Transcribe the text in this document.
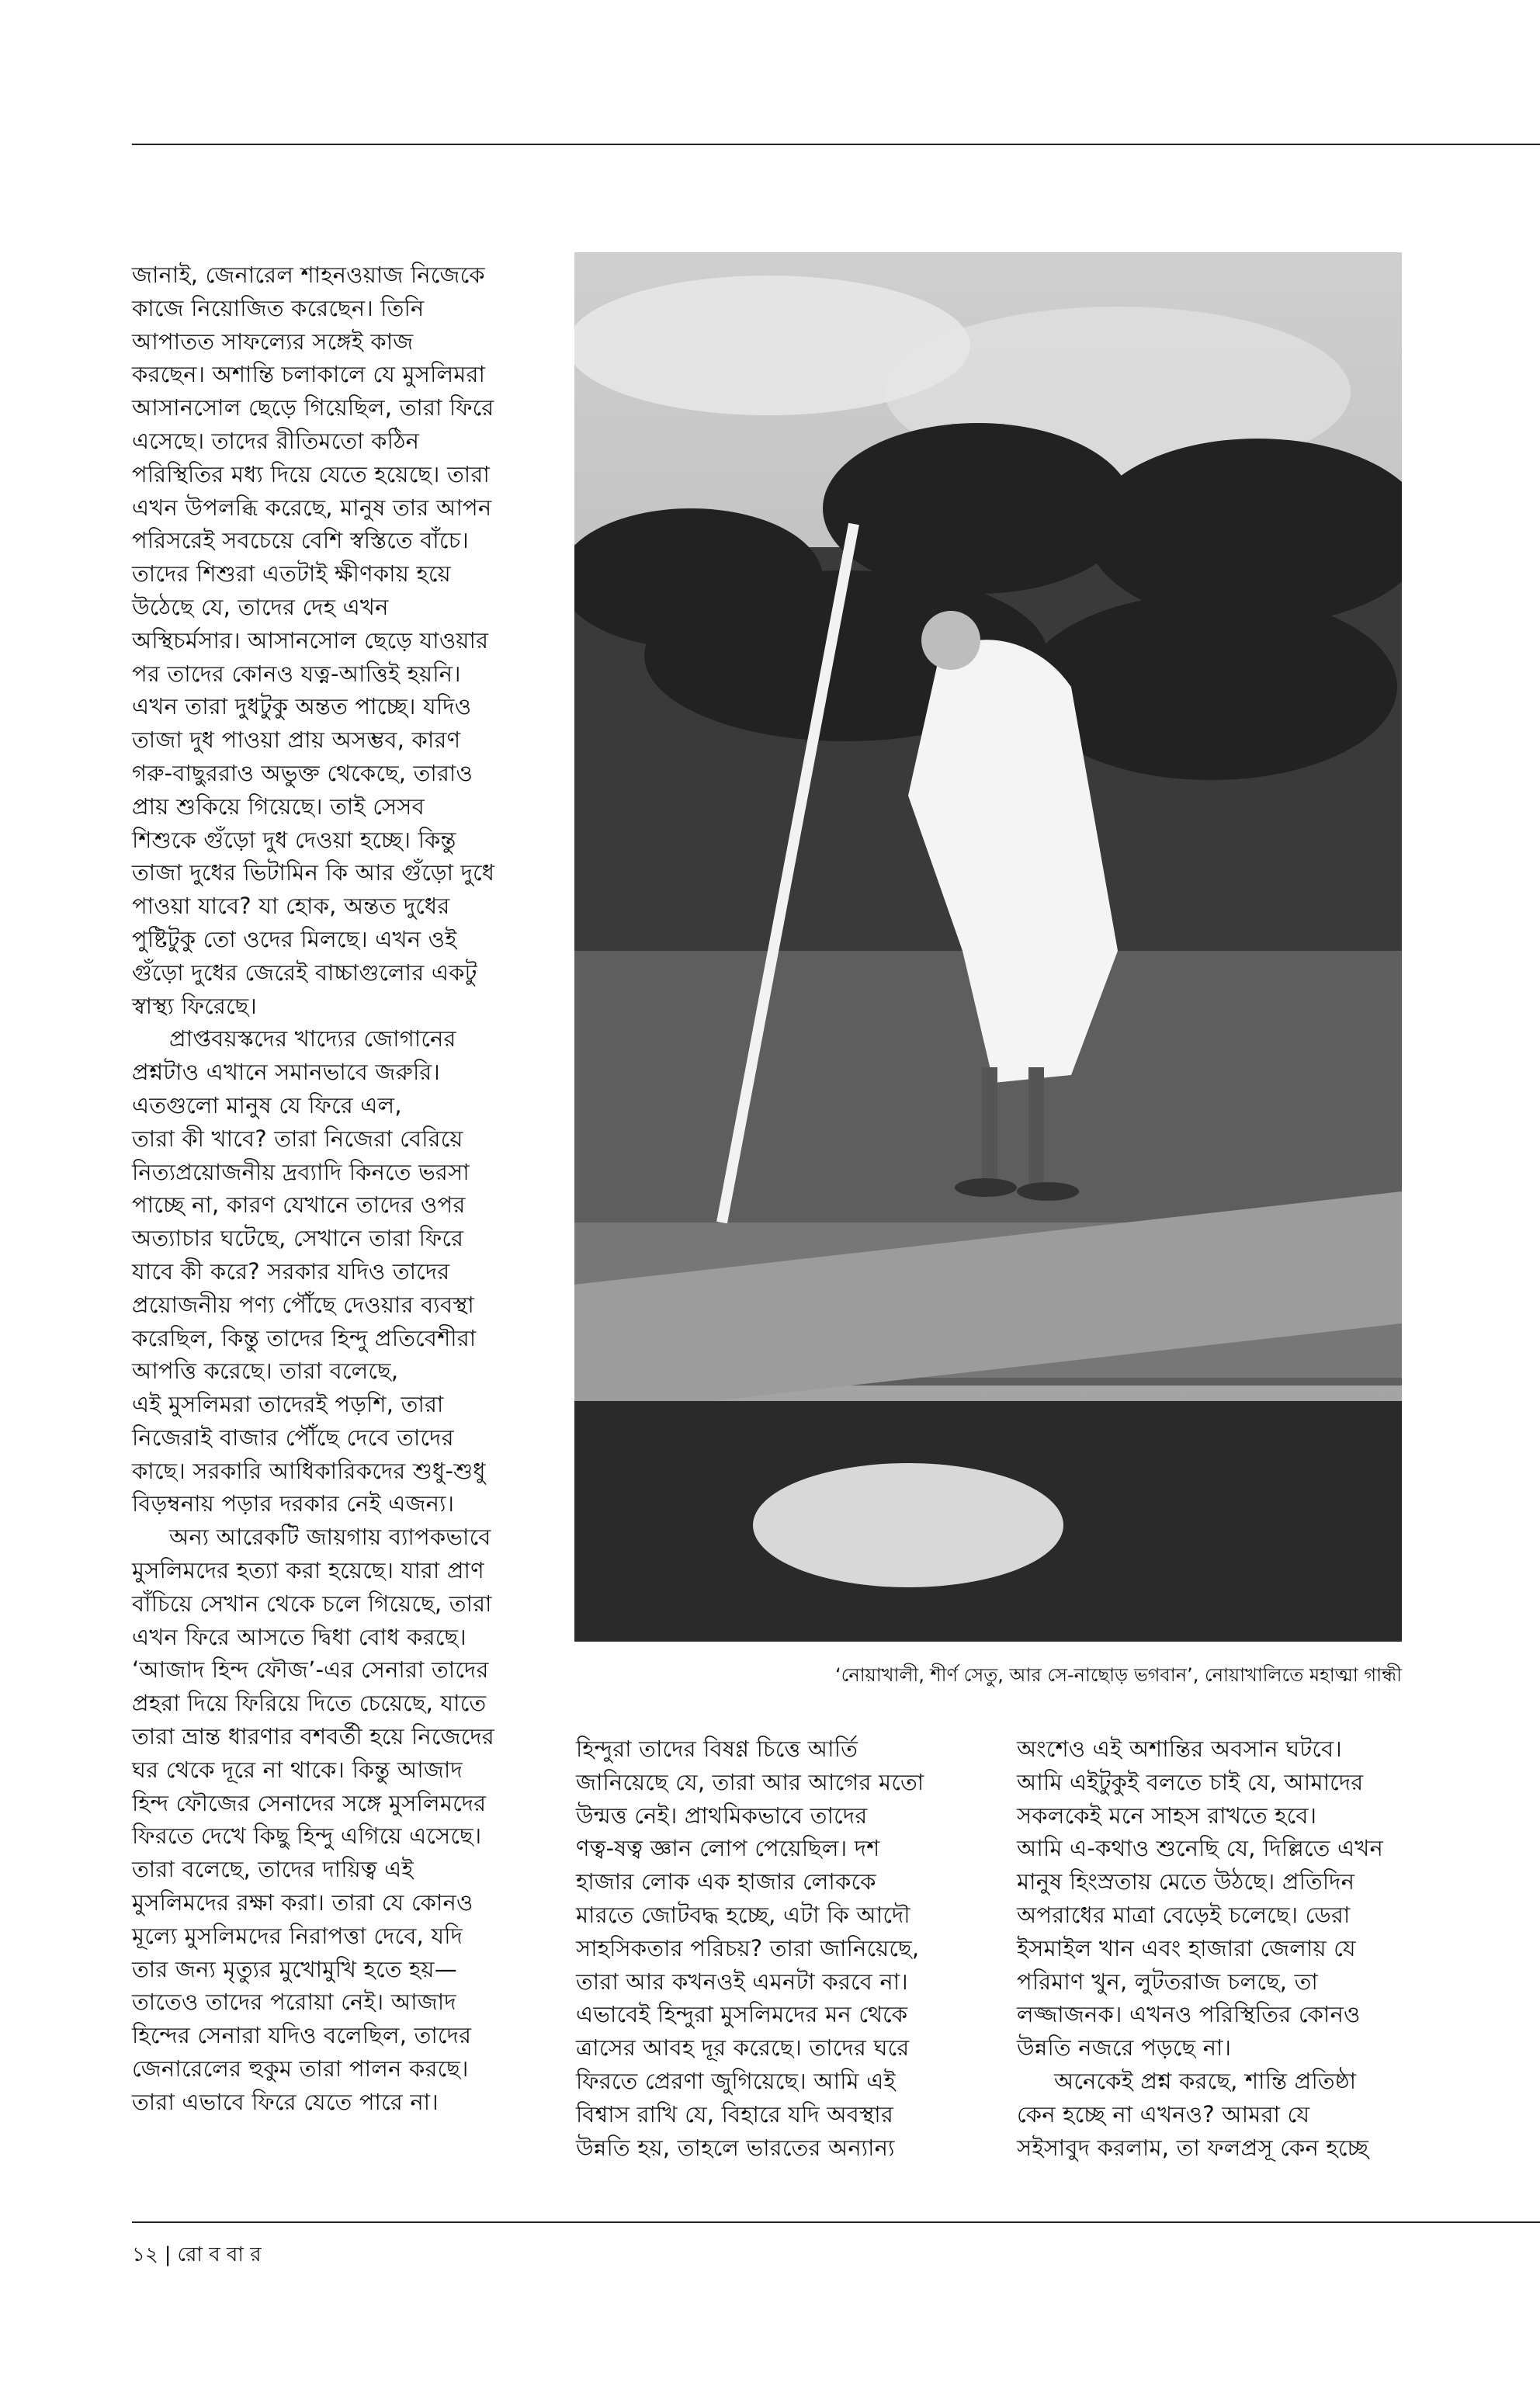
জানাই, জেনারেল শাহনওয়াজ নিজেকে
কাজে নিয়োজিত করেছেন। তিনি
আপাতত সাফল্যের সঙ্গেই কাজ
করছেন। অশান্তি চলাকালে যে মুসলিমরা
আসানসোল ছেড়ে গিয়েছিল, তারা ফিরে
এসেছে। তাদের রীতিমতো কঠিন
পরিস্থিতির মধ্য দিয়ে যেতে হয়েছে। তারা
এখন উপলব্ধি করেছে, মানুষ তার আপন
পরিসরেই সবচেয়ে বেশি স্বস্তিতে বাঁচে।
তাদের শিশুরা এতটাই ক্ষীণকায় হয়ে
উঠেছে যে, তাদের দেহ এখন
অস্থিচর্মসার। আসানসোল ছেড়ে যাওয়ার
পর তাদের কোনও যত্ন-আত্তিই হয়নি।
এখন তারা দুধটুকু অন্তত পাচ্ছে। যদিও
তাজা দুধ পাওয়া প্রায় অসম্ভব, কারণ
গরু-বাছুররাও অভুক্ত থেকেছে, তারাও
প্রায় শুকিয়ে গিয়েছে। তাই সেসব
শিশুকে গুঁড়ো দুধ দেওয়া হচ্ছে। কিন্তু
তাজা দুধের ভিটামিন কি আর গুঁড়ো দুধে
পাওয়া যাবে? যা হোক, অন্তত দুধের
পুষ্টিটুকু তো ওদের মিলছে। এখন ওই
গুঁড়ো দুধের জেরেই বাচ্চাগুলোর একটু
স্বাস্থ্য ফিরেছে।
প্রাপ্তবয়স্কদের খাদ্যের জোগানের
প্রশ্নটাও এখানে সমানভাবে জরুরি।
এতগুলো মানুষ যে ফিরে এল,
তারা কী খাবে? তারা নিজেরা বেরিয়ে
নিত্যপ্রয়োজনীয় দ্রব্যাদি কিনতে ভরসা
পাচ্ছে না, কারণ যেখানে তাদের ওপর
অত্যাচার ঘটেছে, সেখানে তারা ফিরে
যাবে কী করে? সরকার যদিও তাদের
প্রয়োজনীয় পণ্য পৌঁছে দেওয়ার ব্যবস্থা
করেছিল, কিন্তু তাদের হিন্দু প্রতিবেশীরা
আপত্তি করেছে। তারা বলেছে,
এই মুসলিমরা তাদেরই পড়শি, তারা
নিজেরাই বাজার পৌঁছে দেবে তাদের
কাছে। সরকারি আধিকারিকদের শুধু-শুধু
বিড়ম্বনায় পড়ার দরকার নেই এজন্য।
অন্য আরেকটি জায়গায় ব্যাপকভাবে
মুসলিমদের হত্যা করা হয়েছে। যারা প্রাণ
বাঁচিয়ে সেখান থেকে চলে গিয়েছে, তারা
এখন ফিরে আসতে দ্বিধা বোধ করছে।
‘আজাদ হিন্দ ফৌজ’-এর সেনারা তাদের
প্রহরা দিয়ে ফিরিয়ে দিতে চেয়েছে, যাতে
তারা ভ্রান্ত ধারণার বশবর্তী হয়ে নিজেদের
ঘর থেকে দূরে না থাকে। কিন্তু আজাদ
হিন্দ ফৌজের সেনাদের সঙ্গে মুসলিমদের
ফিরতে দেখে কিছু হিন্দু এগিয়ে এসেছে।
তারা বলেছে, তাদের দায়িত্ব এই
মুসলিমদের রক্ষা করা। তারা যে কোনও
মূল্যে মুসলিমদের নিরাপত্তা দেবে, যদি
তার জন্য মৃত্যুর মুখোমুখি হতে হয়—
তাতেও তাদের পরোয়া নেই। আজাদ
হিন্দের সেনারা যদিও বলেছিল, তাদের
জেনারেলের হুকুম তারা পালন করছে।
তারা এভাবে ফিরে যেতে পারে না।
‘নোয়াখালী, শীর্ণ সেতু, আর সে-নাছোড় ভগবান’, নোয়াখালিতে মহাত্মা গান্ধী
হিন্দুরা তাদের বিষণ্ণ চিত্তে আর্তি
জানিয়েছে যে, তারা আর আগের মতো
উন্মত্ত নেই। প্রাথমিকভাবে তাদের
ণত্ব-ষত্ব জ্ঞান লোপ পেয়েছিল। দশ
হাজার লোক এক হাজার লোককে
মারতে জোটবদ্ধ হচ্ছে, এটা কি আদৌ
সাহসিকতার পরিচয়? তারা জানিয়েছে,
তারা আর কখনওই এমনটা করবে না।
এভাবেই হিন্দুরা মুসলিমদের মন থেকে
ত্রাসের আবহ দূর করেছে। তাদের ঘরে
ফিরতে প্রেরণা জুগিয়েছে। আমি এই
বিশ্বাস রাখি যে, বিহারে যদি অবস্থার
উন্নতি হয়, তাহলে ভারতের অন্যান্য
অংশেও এই অশান্তির অবসান ঘটবে।
আমি এইটুকুই বলতে চাই যে, আমাদের
সকলকেই মনে সাহস রাখতে হবে।
আমি এ-কথাও শুনেছি যে, দিল্লিতে এখন
মানুষ হিংস্রতায় মেতে উঠছে। প্রতিদিন
অপরাধের মাত্রা বেড়েই চলেছে। ডেরা
ইসমাইল খান এবং হাজারা জেলায় যে
পরিমাণ খুন, লুটতরাজ চলছে, তা
লজ্জাজনক। এখনও পরিস্থিতির কোনও
উন্নতি নজরে পড়ছে না।
অনেকেই প্রশ্ন করছে, শান্তি প্রতিষ্ঠা
কেন হচ্ছে না এখনও? আমরা যে
সইসাবুদ করলাম, তা ফলপ্রসূ কেন হচ্ছে
১২ | রো ব বা র
